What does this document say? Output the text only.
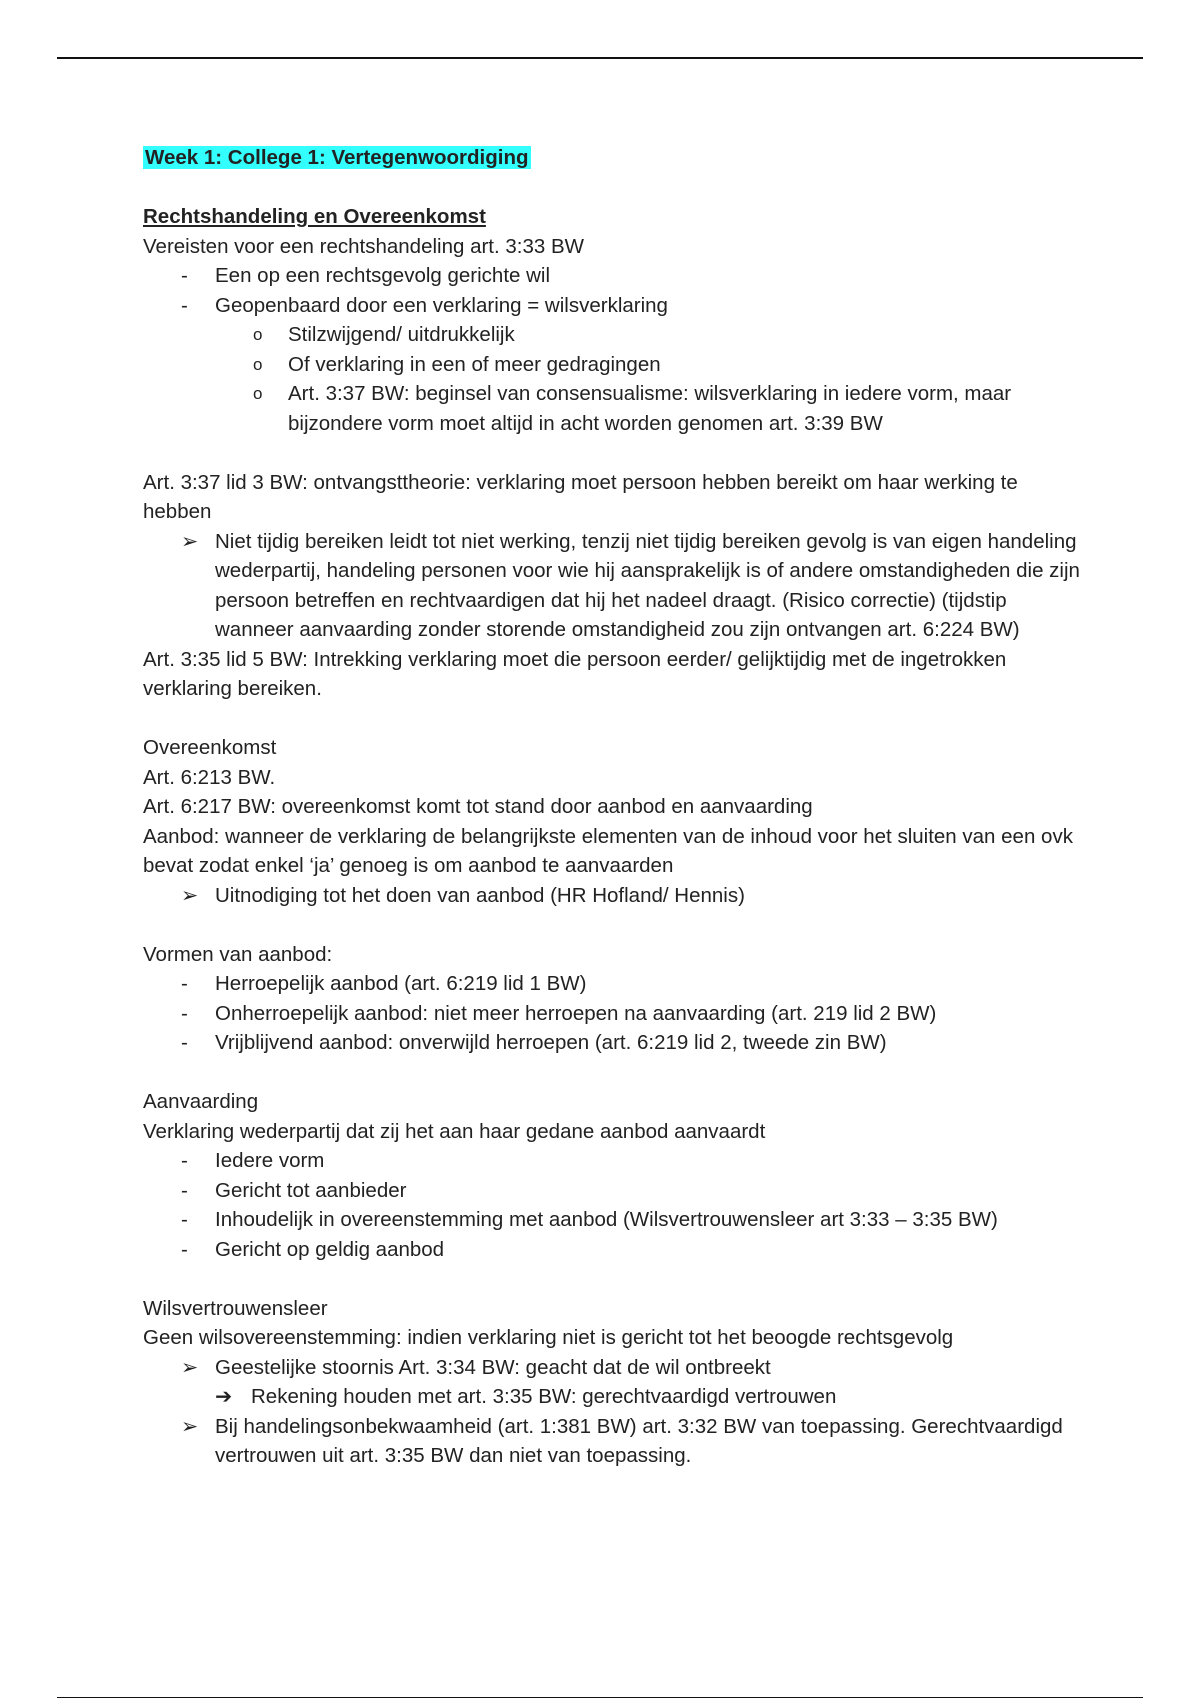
Week 1: College 1: Vertegenwoordiging

Rechtshandeling en Overeenkomst

Vereisten voor een rechtshandeling art. 3:33 BW

- Een op een rechtsgevolg gerichte wil
- Geopenbaard door een verklaring = wilsverklaring
o Stilzwijgend/ uitdrukkelijk
o Of verklaring in een of meer gedragingen
o Art. 3:37 BW: beginsel van consensualisme: wilsverklaring in iedere vorm, maar bijzondere vorm moet altijd in acht worden genomen art. 3:39 BW

Art. 3:37 lid 3 BW: ontvangsttheorie: verklaring moet persoon hebben bereikt om haar werking te hebben

➢ Niet tijdig bereiken leidt tot niet werking, tenzij niet tijdig bereiken gevolg is van eigen handeling wederpartij, handeling personen voor wie hij aansprakelijk is of andere omstandigheden die zijn persoon betreffen en rechtvaardigen dat hij het nadeel draagt. (Risico correctie) (tijdstip wanneer aanvaarding zonder storende omstandigheid zou zijn ontvangen art. 6:224 BW)

Art. 3:35 lid 5 BW: Intrekking verklaring moet die persoon eerder/ gelijktijdig met de ingetrokken verklaring bereiken.

Overeenkomst

Art. 6:213 BW.

Art. 6:217 BW: overeenkomst komt tot stand door aanbod en aanvaarding

Aanbod: wanneer de verklaring de belangrijkste elementen van de inhoud voor het sluiten van een ovk bevat zodat enkel ‘ja’ genoeg is om aanbod te aanvaarden

➢ Uitnodiging tot het doen van aanbod (HR Hofland/ Hennis)

Vormen van aanbod:

- Herroepelijk aanbod (art. 6:219 lid 1 BW)
- Onherroepelijk aanbod: niet meer herroepen na aanvaarding (art. 219 lid 2 BW)
- Vrijblijvend aanbod: onverwijld herroepen (art. 6:219 lid 2, tweede zin BW)

Aanvaarding

Verklaring wederpartij dat zij het aan haar gedane aanbod aanvaardt

- Iedere vorm
- Gericht tot aanbieder
- Inhoudelijk in overeenstemming met aanbod (Wilsvertrouwensleer art 3:33 – 3:35 BW)
- Gericht op geldig aanbod

Wilsvertrouwensleer

Geen wilsovereenstemming: indien verklaring niet is gericht tot het beoogde rechtsgevolg

➢ Geestelijke stoornis Art. 3:34 BW: geacht dat de wil ontbreekt
➔ Rekening houden met art. 3:35 BW: gerechtvaardigd vertrouwen
➢ Bij handelingsonbekwaamheid (art. 1:381 BW) art. 3:32 BW van toepassing. Gerechtvaardigd vertrouwen uit art. 3:35 BW dan niet van toepassing.
